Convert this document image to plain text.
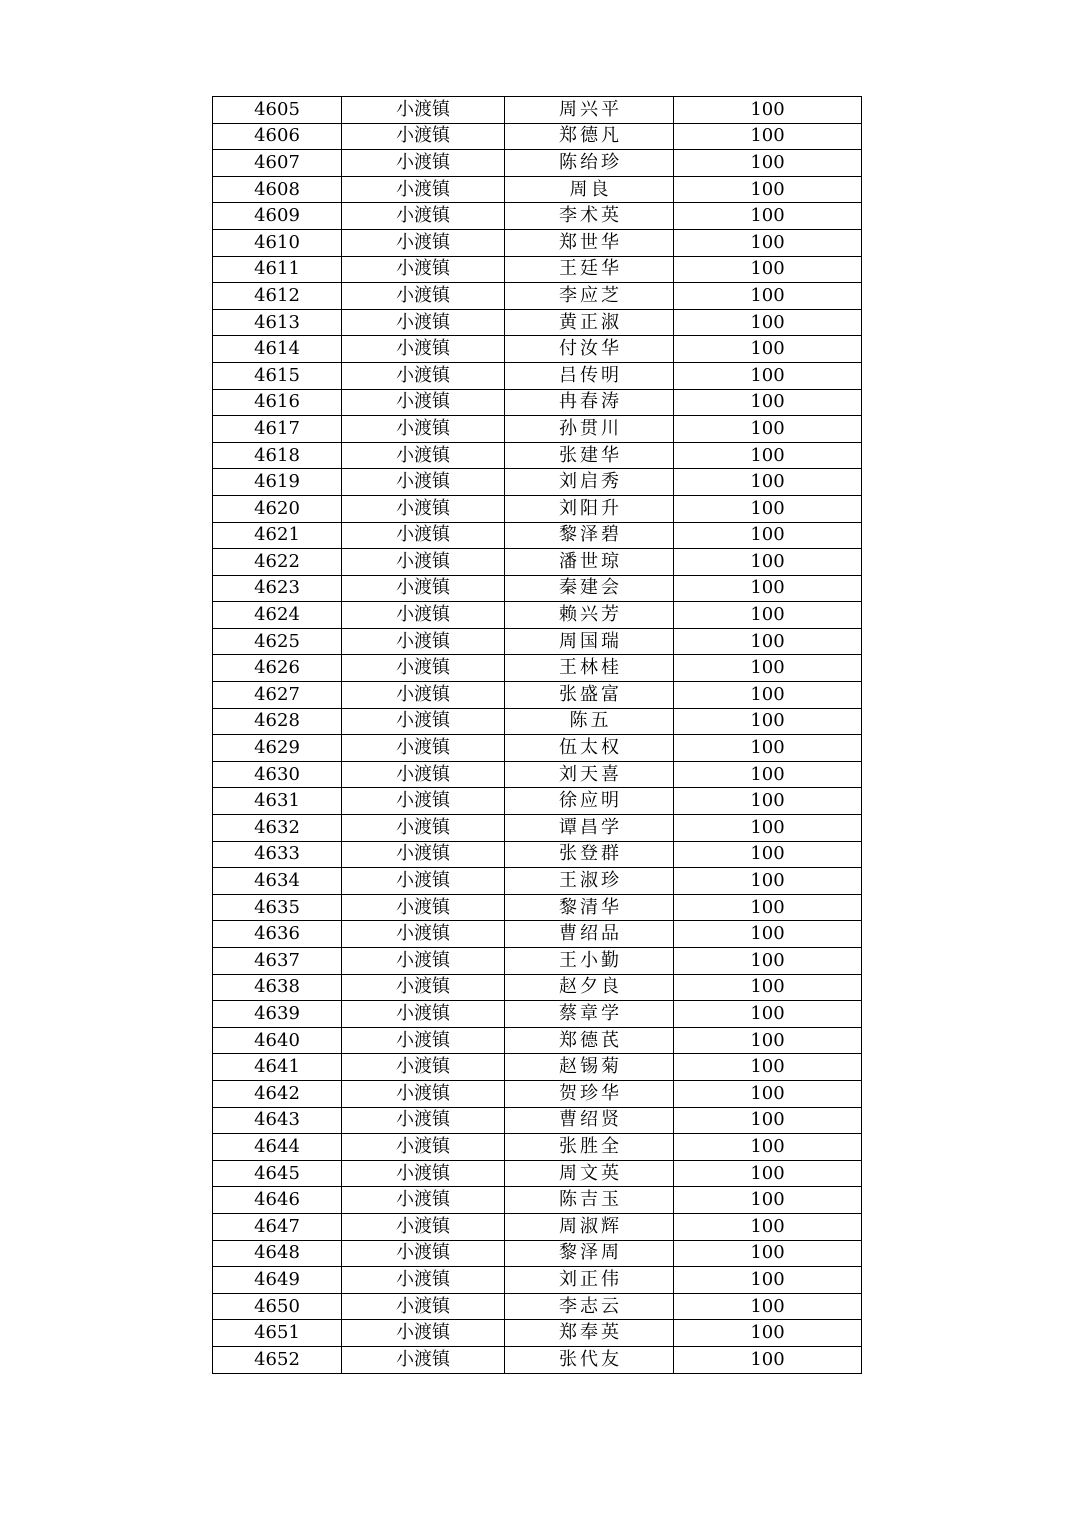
4605	小渡镇	周兴平	100
4606	小渡镇	郑德凡	100
4607	小渡镇	陈绐珍	100
4608	小渡镇	周良	100
4609	小渡镇	李术英	100
4610	小渡镇	郑世华	100
4611	小渡镇	王廷华	100
4612	小渡镇	李应芝	100
4613	小渡镇	黄正淑	100
4614	小渡镇	付汝华	100
4615	小渡镇	吕传明	100
4616	小渡镇	冉春涛	100
4617	小渡镇	孙贯川	100
4618	小渡镇	张建华	100
4619	小渡镇	刘启秀	100
4620	小渡镇	刘阳升	100
4621	小渡镇	黎泽碧	100
4622	小渡镇	潘世琼	100
4623	小渡镇	秦建会	100
4624	小渡镇	赖兴芳	100
4625	小渡镇	周国瑞	100
4626	小渡镇	王林桂	100
4627	小渡镇	张盛富	100
4628	小渡镇	陈五	100
4629	小渡镇	伍太权	100
4630	小渡镇	刘天喜	100
4631	小渡镇	徐应明	100
4632	小渡镇	谭昌学	100
4633	小渡镇	张登群	100
4634	小渡镇	王淑珍	100
4635	小渡镇	黎清华	100
4636	小渡镇	曹绍品	100
4637	小渡镇	王小勤	100
4638	小渡镇	赵夕良	100
4639	小渡镇	蔡章学	100
4640	小渡镇	郑德芪	100
4641	小渡镇	赵锡菊	100
4642	小渡镇	贺珍华	100
4643	小渡镇	曹绍贤	100
4644	小渡镇	张胜全	100
4645	小渡镇	周文英	100
4646	小渡镇	陈吉玉	100
4647	小渡镇	周淑辉	100
4648	小渡镇	黎泽周	100
4649	小渡镇	刘正伟	100
4650	小渡镇	李志云	100
4651	小渡镇	郑奉英	100
4652	小渡镇	张代友	100
